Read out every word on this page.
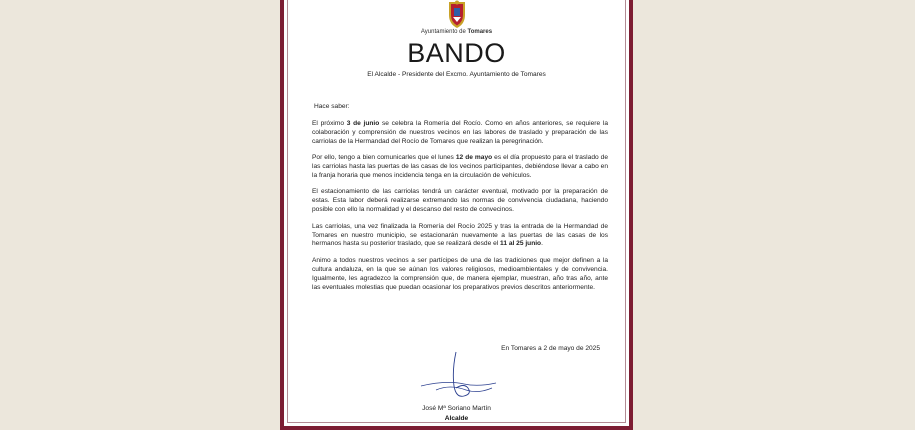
Ayuntamiento de Tomares
BANDO
El Alcalde - Presidente del Excmo. Ayuntamiento de Tomares

Hace saber:

El próximo 3 de junio se celebra la Romería del Rocío. Como en años anteriores, se requiere la colaboración y comprensión de nuestros vecinos en las labores de traslado y preparación de las carriolas de la Hermandad del Rocío de Tomares que realizan la peregrinación.

Por ello, tengo a bien comunicarles que el lunes 12 de mayo es el día propuesto para el traslado de las carriolas hasta las puertas de las casas de los vecinos participantes, debiéndose llevar a cabo en la franja horaria que menos incidencia tenga en la circulación de vehículos.

El estacionamiento de las carriolas tendrá un carácter eventual, motivado por la preparación de estas. Esta labor deberá realizarse extremando las normas de convivencia ciudadana, haciendo posible con ello la normalidad y el descanso del resto de convecinos.

Las carriolas, una vez finalizada la Romería del Rocío 2025 y tras la entrada de la Hermandad de Tomares en nuestro municipio, se estacionarán nuevamente a las puertas de las casas de los hermanos hasta su posterior traslado, que se realizará desde el 11 al 25 junio.

Animo a todos nuestros vecinos a ser partícipes de una de las tradiciones que mejor definen a la cultura andaluza, en la que se aúnan los valores religiosos, medioambientales y de convivencia. Igualmente, les agradezco la comprensión que, de manera ejemplar, muestran, año tras año, ante las eventuales molestias que puedan ocasionar los preparativos previos descritos anteriormente.

En Tomares a 2 de mayo de 2025
José Mª Soriano Martín
Alcalde
